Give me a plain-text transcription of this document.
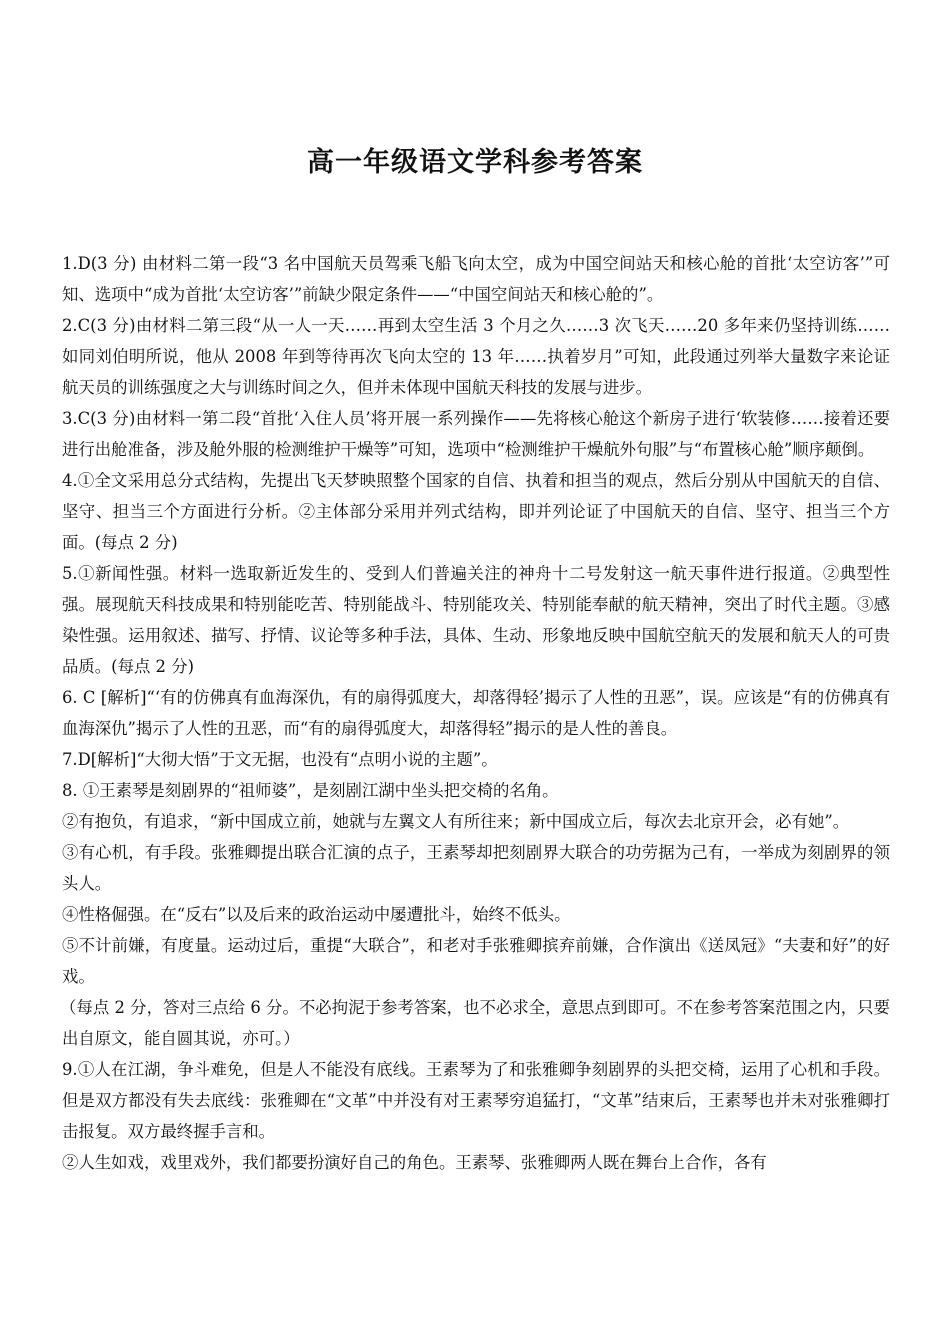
高一年级语文学科参考答案

1.D(3 分) 由材料二第一段“3 名中国航天员驾乘飞船飞向太空，成为中国空间站天和核心舱的首批‘太空访客’”可知、选项中“成为首批‘太空访客’”前缺少限定条件——“中国空间站天和核心舱的”。

2.C(3 分)由材料二第三段“从一人一天……再到太空生活 3 个月之久……3 次飞天……20 多年来仍坚持训练……如同刘伯明所说，他从 2008 年到等待再次飞向太空的 13 年……执着岁月”可知，此段通过列举大量数字来论证航天员的训练强度之大与训练时间之久，但并未体现中国航天科技的发展与进步。

3.C(3 分)由材料一第二段“首批‘入住人员’将开展一系列操作——先将核心舱这个新房子进行‘软装修……接着还要进行出舱准备，涉及舱外服的检测维护干燥等”可知，选项中“检测维护干燥航外句服”与“布置核心舱”顺序颠倒。

4.①全文采用总分式结构，先提出飞天梦映照整个国家的自信、执着和担当的观点，然后分别从中国航天的自信、坚守、担当三个方面进行分析。②主体部分采用并列式结构，即并列论证了中国航天的自信、坚守、担当三个方面。(每点 2 分)

5.①新闻性强。材料一选取新近发生的、受到人们普遍关注的神舟十二号发射这一航天事件进行报道。②典型性强。展现航天科技成果和特别能吃苦、特别能战斗、特别能攻关、特别能奉献的航天精神，突出了时代主题。③感染性强。运用叙述、描写、抒情、议论等多种手法，具体、生动、形象地反映中国航空航天的发展和航天人的可贵品质。(每点 2 分)

6. C [解析]“‘有的仿佛真有血海深仇，有的扇得弧度大，却落得轻’揭示了人性的丑恶”，误。应该是“有的仿佛真有血海深仇”揭示了人性的丑恶，而“有的扇得弧度大，却落得轻”揭示的是人性的善良。

7.D[解析]“大彻大悟”于文无据，也没有“点明小说的主题”。

8. ①王素琴是刻剧界的“祖师婆”，是刻剧江湖中坐头把交椅的名角。

②有抱负，有追求，“新中国成立前，她就与左翼文人有所往来；新中国成立后，每次去北京开会，必有她”。

③有心机，有手段。张雅卿提出联合汇演的点子，王素琴却把刻剧界大联合的功劳据为己有，一举成为刻剧界的领头人。

④性格倔强。在“反右”以及后来的政治运动中屡遭批斗，始终不低头。

⑤不计前嫌，有度量。运动过后，重提“大联合”，和老对手张雅卿摈弃前嫌，合作演出《送凤冠》“夫妻和好”的好戏。

（每点 2 分，答对三点给 6 分。不必拘泥于参考答案，也不必求全，意思点到即可。不在参考答案范围之内，只要出自原文，能自圆其说，亦可。）

9.①人在江湖，争斗难免，但是人不能没有底线。王素琴为了和张雅卿争刻剧界的头把交椅，运用了心机和手段。但是双方都没有失去底线：张雅卿在“文革”中并没有对王素琴穷追猛打，“文革”结束后，王素琴也并未对张雅卿打击报复。双方最终握手言和。

②人生如戏，戏里戏外，我们都要扮演好自己的角色。王素琴、张雅卿两人既在舞台上合作，各有
